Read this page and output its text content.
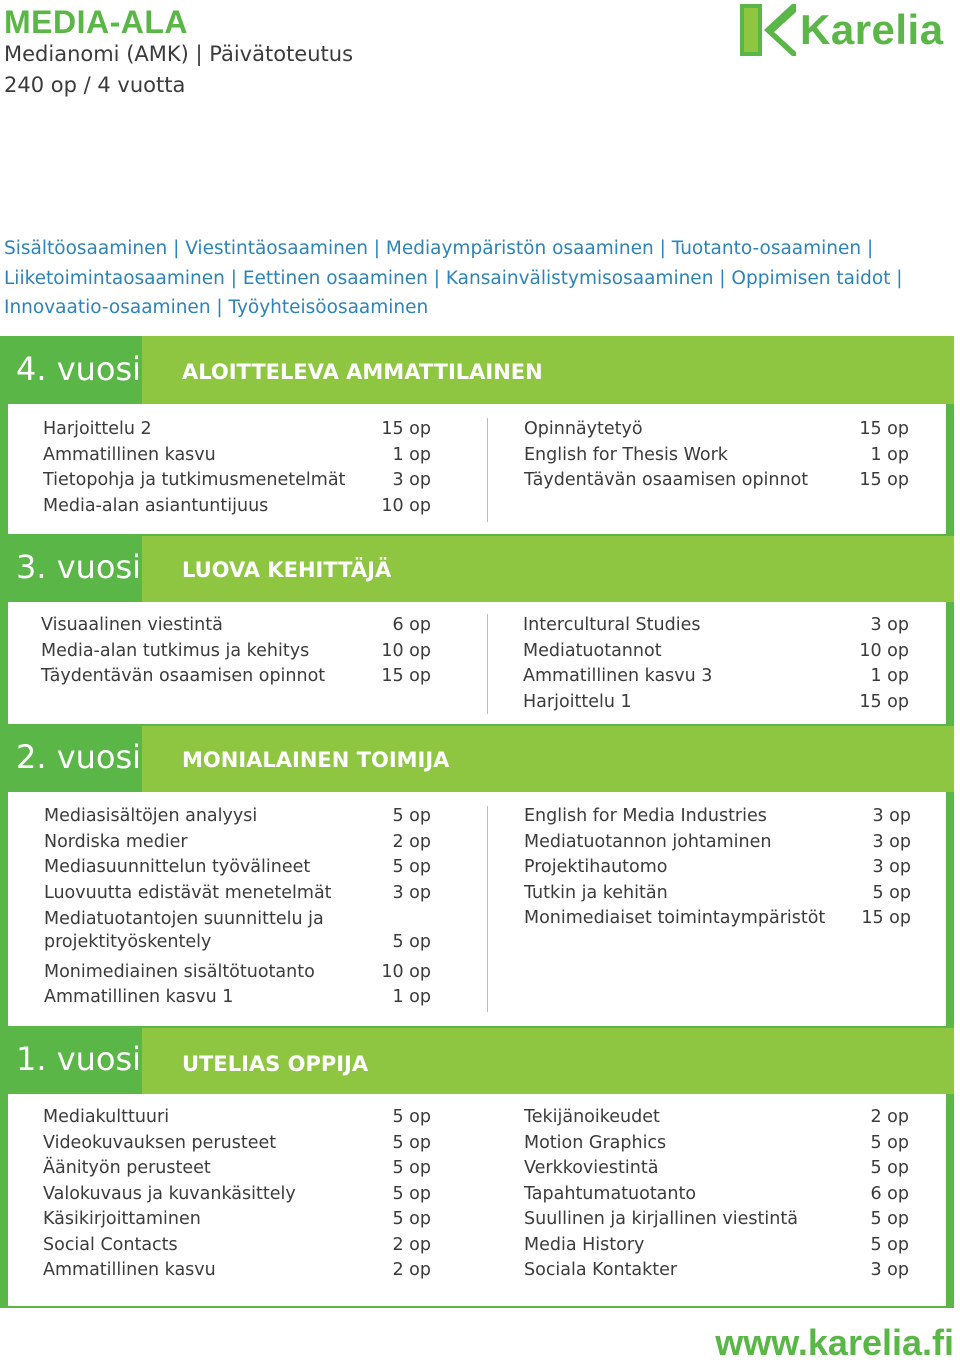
MEDIA-ALA
Medianomi (AMK) | Päivätoteutus
240 op / 4 vuotta
Karelia
Sisältöosaaminen | Viestintäosaaminen | Mediaympäristön osaaminen | Tuotanto-osaaminen |
Liiketoimintaosaaminen | Eettinen osaaminen | Kansainvälistymisosaaminen | Oppimisen taidot |
Innovaatio-osaaminen | Työyhteisöosaaminen
4. vuosi ALOITTELEVA AMMATTILAINEN
Harjoittelu 2	15 op
Ammatillinen kasvu	1 op
Tietopohja ja tutkimusmenetelmät	3 op
Media-alan asiantuntijuus	10 op
Opinnäytetyö	15 op
English for Thesis Work	1 op
Täydentävän osaamisen opinnot	15 op
3. vuosi LUOVA KEHITTÄJÄ
Visuaalinen viestintä	6 op
Media-alan tutkimus ja kehitys	10 op
Täydentävän osaamisen opinnot	15 op
Intercultural Studies	3 op
Mediatuotannot	10 op
Ammatillinen kasvu 3	1 op
Harjoittelu 1	15 op
2. vuosi MONIALAINEN TOIMIJA
Mediasisältöjen analyysi	5 op
Nordiska medier	2 op
Mediasuunnittelun työvälineet	5 op
Luovuutta edistävät menetelmät	3 op
Mediatuotantojen suunnittelu ja
projektityöskentely	5 op
Monimediainen sisältötuotanto	10 op
Ammatillinen kasvu 1	1 op
English for Media Industries	3 op
Mediatuotannon johtaminen	3 op
Projektihautomo	3 op
Tutkin ja kehitän	5 op
Monimediaiset toimintaympäristöt 15 op
1. vuosi UTELIAS OPPIJA
Mediakulttuuri	5 op
Videokuvauksen perusteet	5 op
Äänityön perusteet	5 op
Valokuvaus ja kuvankäsittely	5 op
Käsikirjoittaminen	5 op
Social Contacts	2 op
Ammatillinen kasvu	2 op
Tekijänoikeudet	2 op
Motion Graphics	5 op
Verkkoviestintä	5 op
Tapahtumatuotanto	6 op
Suullinen ja kirjallinen viestintä	5 op
Media History	5 op
Sociala Kontakter	3 op
www.karelia.fi
